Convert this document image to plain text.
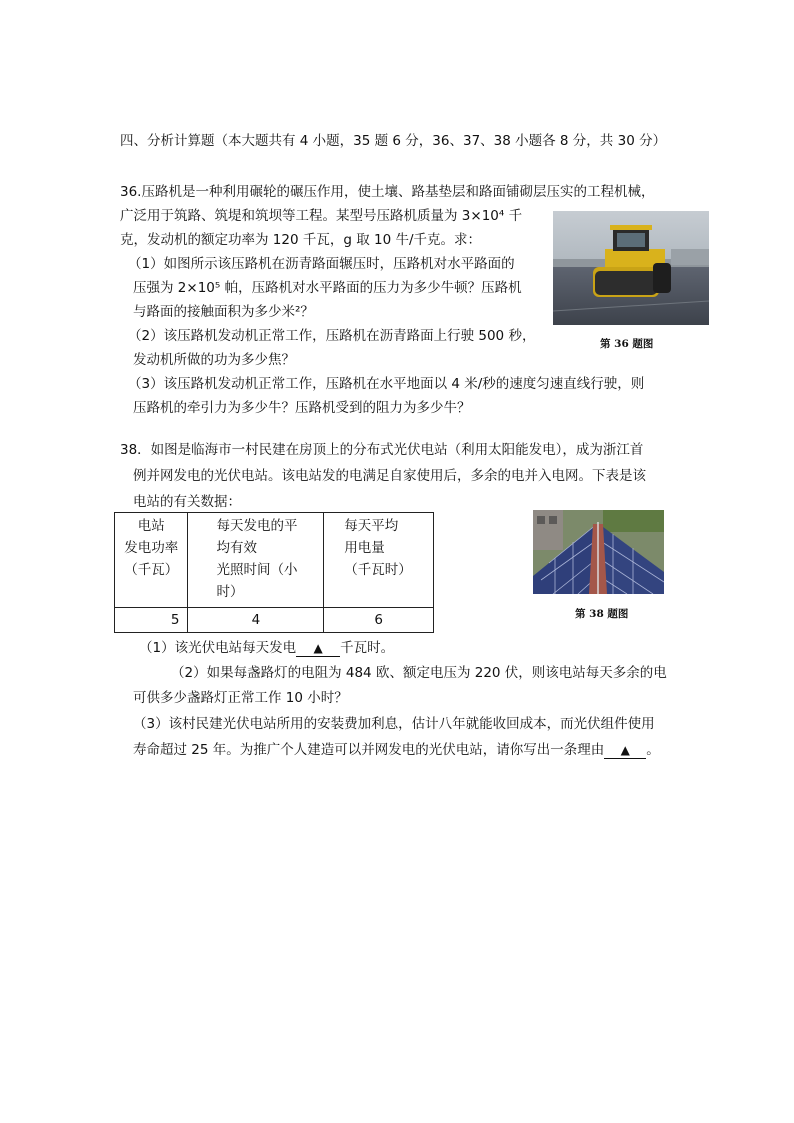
四、分析计算题（本大题共有 4 小题，35 题 6 分，36、37、38 小题各 8 分，共 30 分）
36.压路机是一种利用碾轮的碾压作用，使土壤、路基垫层和路面铺砌层压实的工程机械，
广泛用于筑路、筑堤和筑坝等工程。某型号压路机质量为 3×10⁴ 千
克，发动机的额定功率为 120 千瓦，g 取 10 牛/千克。求：
（1）如图所示该压路机在沥青路面辗压时，压路机对水平路面的
压强为 2×10⁵ 帕，压路机对水平路面的压力为多少牛顿？压路机
与路面的接触面积为多少米²？
（2）该压路机发动机正常工作，压路机在沥青路面上行驶 500 秒，
发动机所做的功为多少焦？
（3）该压路机发动机正常工作，压路机在水平地面以 4 米/秒的速度匀速直线行驶，则
压路机的牵引力为多少牛？压路机受到的阻力为多少牛？
第 36 题图
38．如图是临海市一村民建在房顶上的分布式光伏电站（利用太阳能发电），成为浙江首
例并网发电的光伏电站。该电站发的电满足自家使用后，多余的电并入电网。下表是该
电站的有关数据：
电站
发电功率
（千瓦）	每天发电的平
均有效
光照时间（小
时）	每天平均
用电量
（千瓦时）

5	4	6	第 38 题图
（1）该光伏电站每天发电 ▲ 千瓦时。
（2）如果每盏路灯的电阻为 484 欧、额定电压为 220 伏，则该电站每天多余的电
可供多少盏路灯正常工作 10 小时？
（3）该村民建光伏电站所用的安装费加利息，估计八年就能收回成本，而光伏组件使用
寿命超过 25 年。为推广个人建造可以并网发电的光伏电站，请你写出一条理由 ▲ 。
